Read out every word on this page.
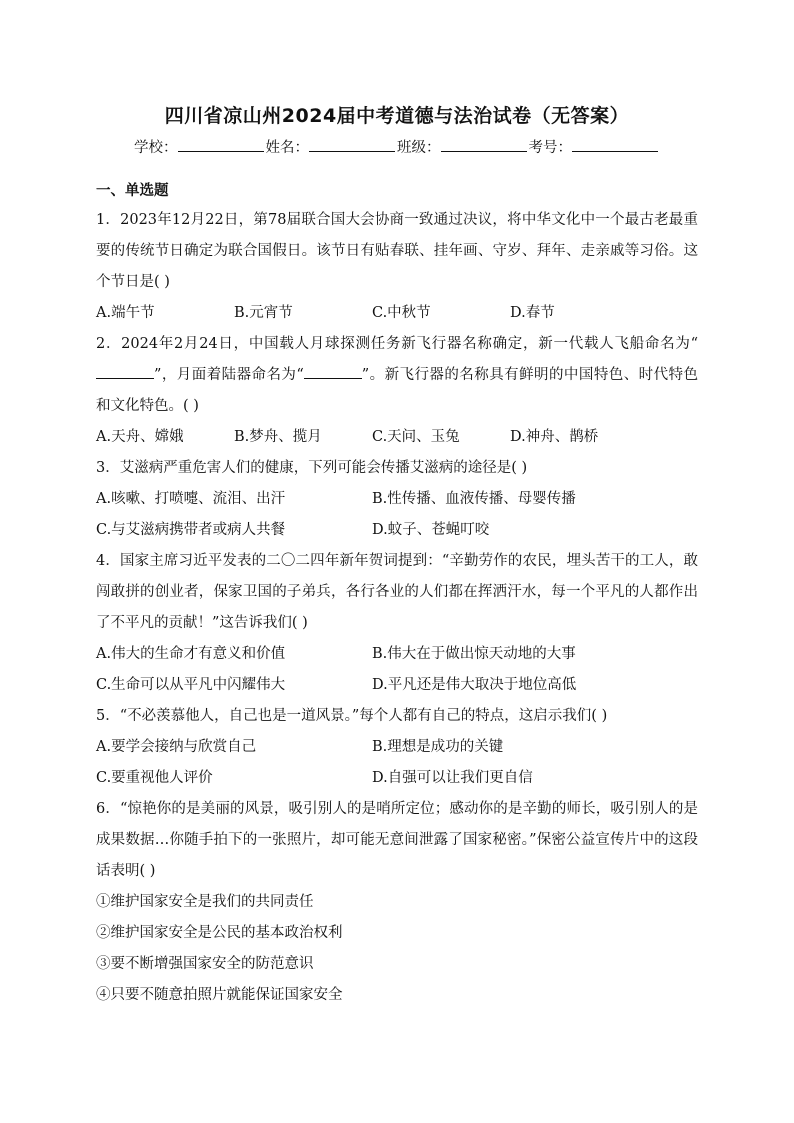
四川省凉山州2024届中考道德与法治试卷（无答案）
学校：	姓名：	班级：	考号：
一、单选题
1．2023年12月22日，第78届联合国大会协商一致通过决议，将中华文化中一个最古老最重要的传统节日确定为联合国假日。该节日有贴春联、挂年画、守岁、拜年、走亲戚等习俗。这个节日是( )
A.端午节	B.元宵节	C.中秋节	D.春节
2．2024年2月24日，中国载人月球探测任务新飞行器名称确定，新一代载人飞船命名为“”，月面着陆器命名为“	”。新飞行器的名称具有鲜明的中国特色、时代特色和文化特色。( )
A.天舟、嫦娥	B.梦舟、揽月	C.天问、玉兔	D.神舟、鹊桥
3．艾滋病严重危害人们的健康，下列可能会传播艾滋病的途径是( )
A.咳嗽、打喷嚏、流泪、出汗	B.性传播、血液传播、母婴传播
C.与艾滋病携带者或病人共餐	D.蚊子、苍蝇叮咬
4．国家主席习近平发表的二〇二四年新年贺词提到：“辛勤劳作的农民，埋头苦干的工人，敢闯敢拼的创业者，保家卫国的子弟兵，各行各业的人们都在挥洒汗水，每一个平凡的人都作出了不平凡的贡献！”这告诉我们( )
A.伟大的生命才有意义和价值	B.伟大在于做出惊天动地的大事
C.生命可以从平凡中闪耀伟大	D.平凡还是伟大取决于地位高低
5．“不必羡慕他人，自己也是一道风景。”每个人都有自己的特点，这启示我们( )
A.要学会接纳与欣赏自己	B.理想是成功的关键
C.要重视他人评价	D.自强可以让我们更自信
6．“惊艳你的是美丽的风景，吸引别人的是哨所定位；感动你的是辛勤的师长，吸引别人的是成果数据…你随手拍下的一张照片，却可能无意间泄露了国家秘密。”保密公益宣传片中的这段话表明( )
①维护国家安全是我们的共同责任
②维护国家安全是公民的基本政治权利
③要不断增强国家安全的防范意识
④只要不随意拍照片就能保证国家安全
